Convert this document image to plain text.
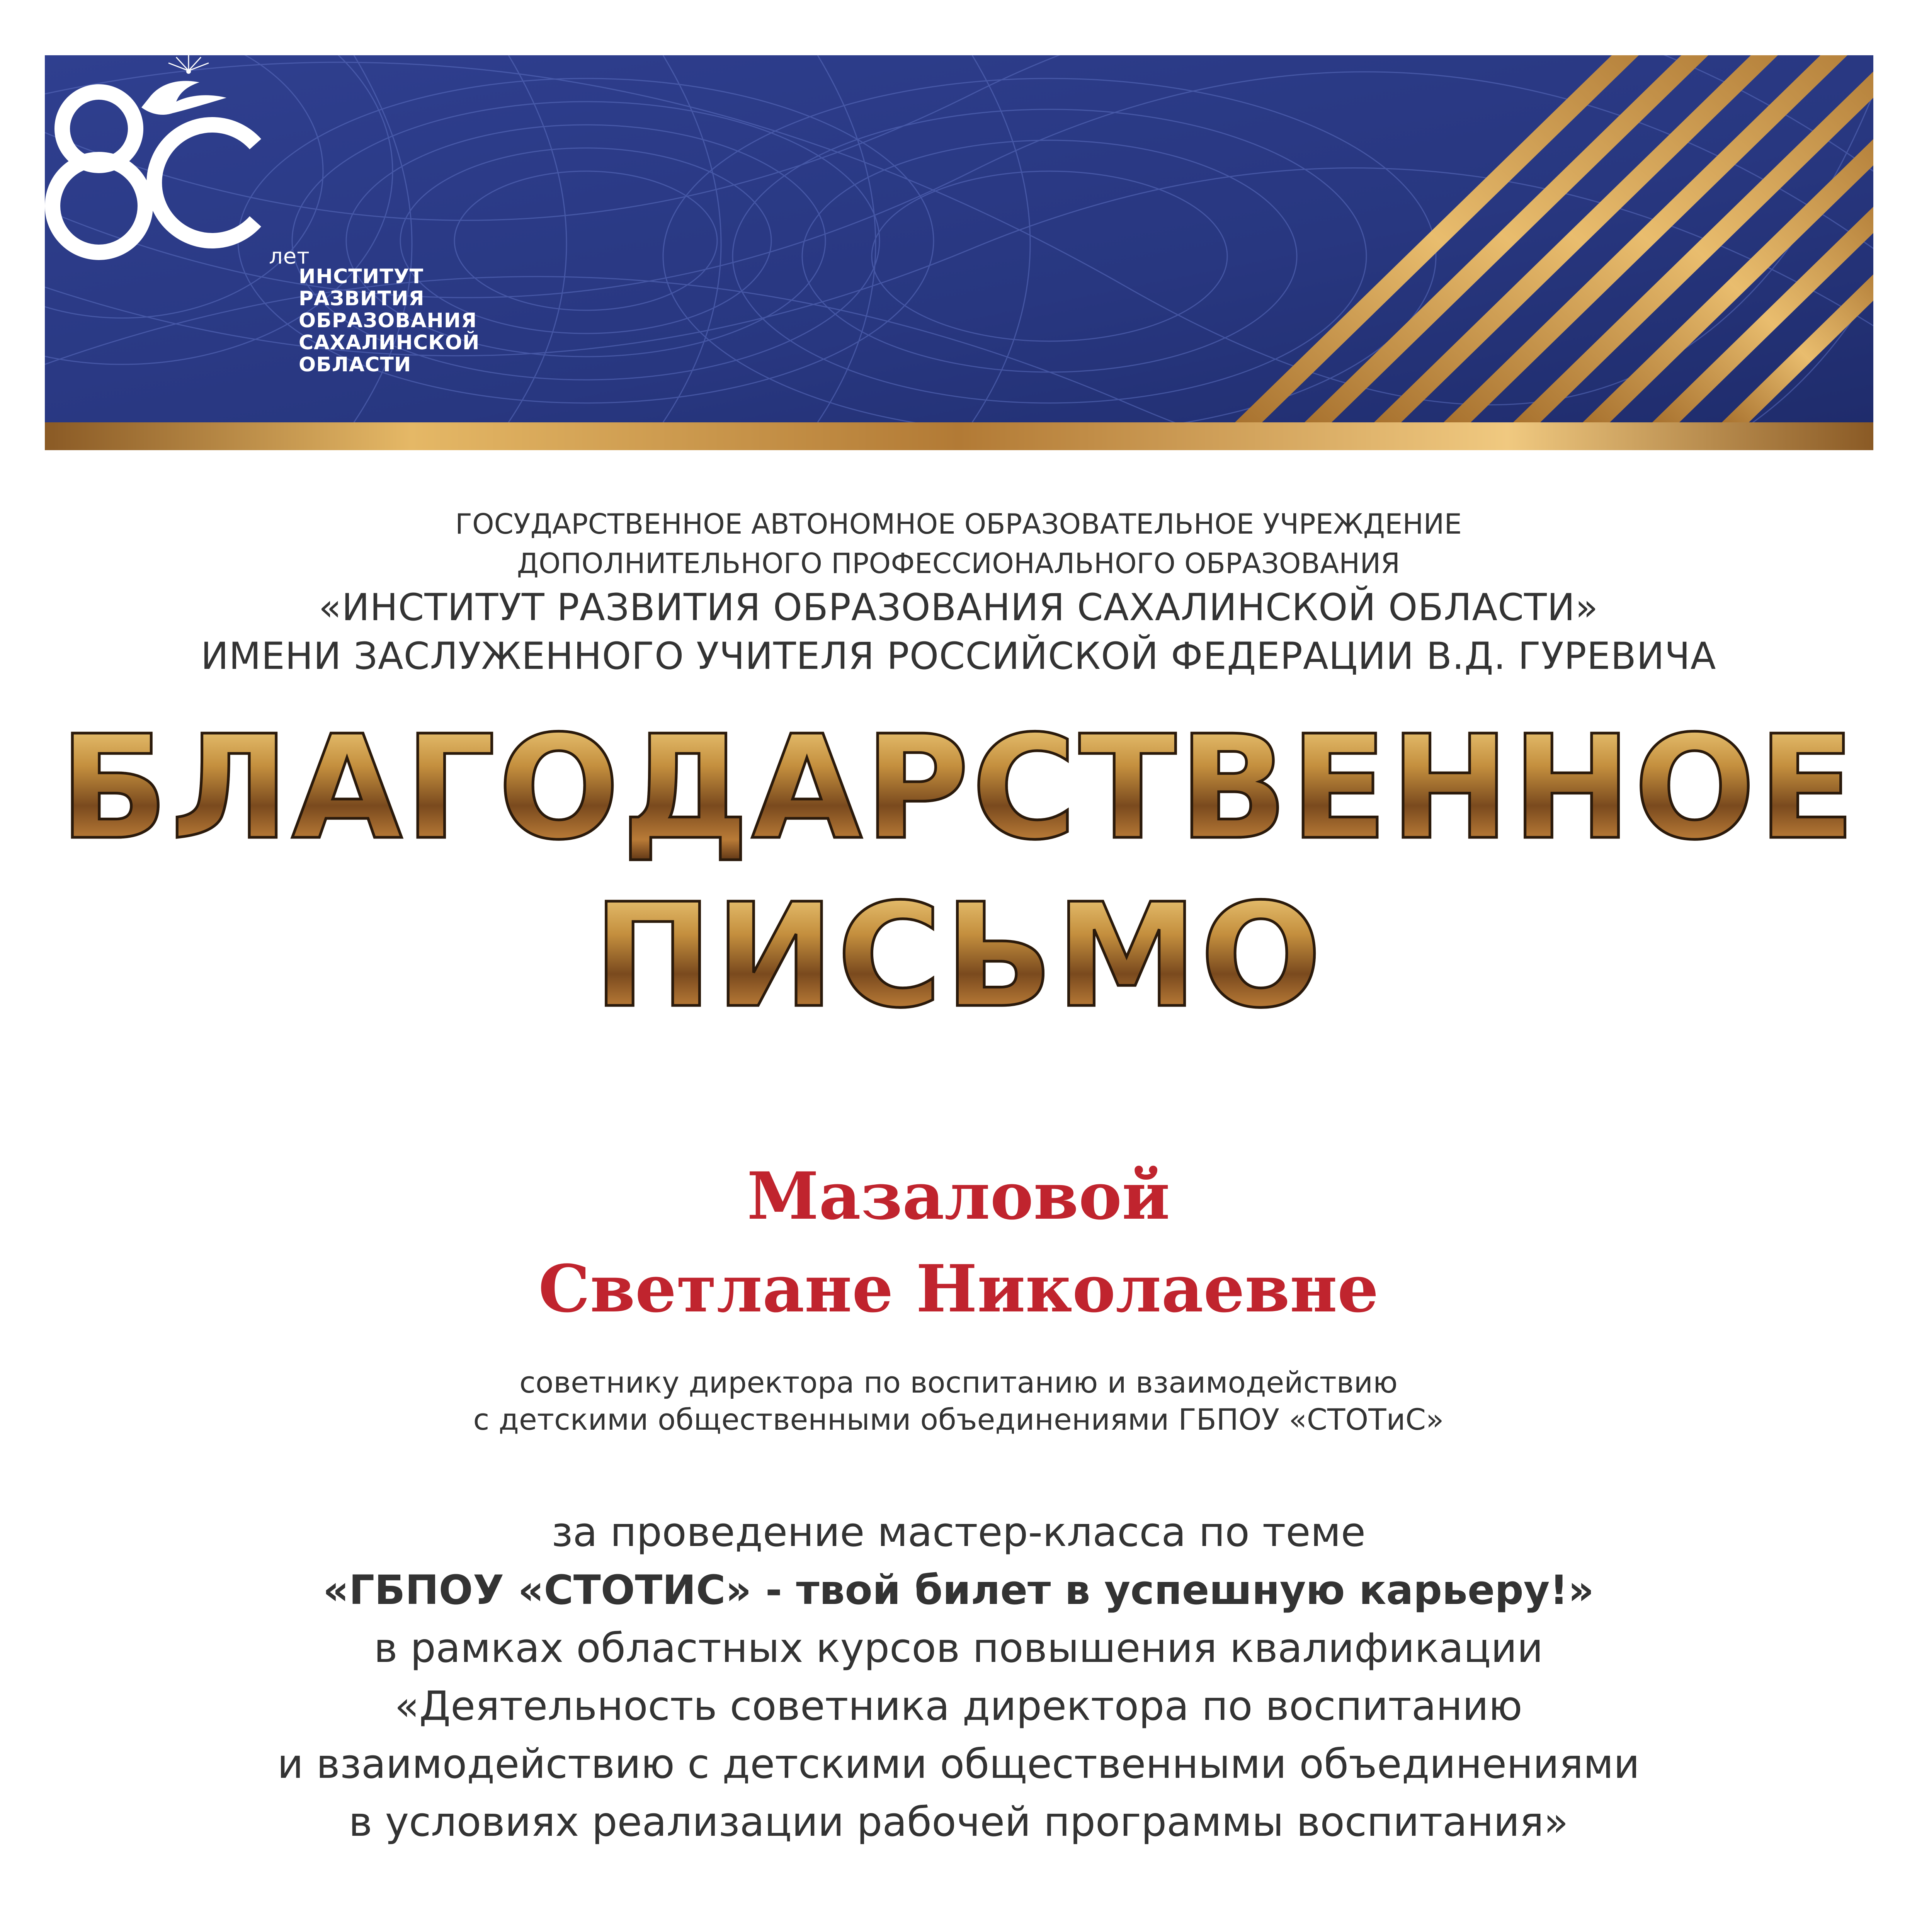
лет
ИНСТИТУТ
РАЗВИТИЯ
ОБРАЗОВАНИЯ
САХАЛИНСКОЙ
ОБЛАСТИ
ГОСУДАРСТВЕННОЕ АВТОНОМНОЕ ОБРАЗОВАТЕЛЬНОЕ УЧРЕЖДЕНИЕ
ДОПОЛНИТЕЛЬНОГО ПРОФЕССИОНАЛЬНОГО ОБРАЗОВАНИЯ
«ИНСТИТУТ РАЗВИТИЯ ОБРАЗОВАНИЯ САХАЛИНСКОЙ ОБЛАСТИ»
ИМЕНИ ЗАСЛУЖЕННОГО УЧИТЕЛЯ РОССИЙСКОЙ ФЕДЕРАЦИИ В.Д. ГУРЕВИЧА
БЛАГОДАРСТВЕННОЕ
ПИСЬМО
Мазаловой
Светлане Николаевне
советнику директора по воспитанию и взаимодействию
с детскими общественными объединениями ГБПОУ «СТОТиС»
за проведение мастер-класса по теме
«ГБПОУ «СТОТИС» - твой билет в успешную карьеру!»
в рамках областных курсов повышения квалификации
«Деятельность советника директора по воспитанию
и взаимодействию с детскими общественными объединениями
в условиях реализации рабочей программы воспитания»
